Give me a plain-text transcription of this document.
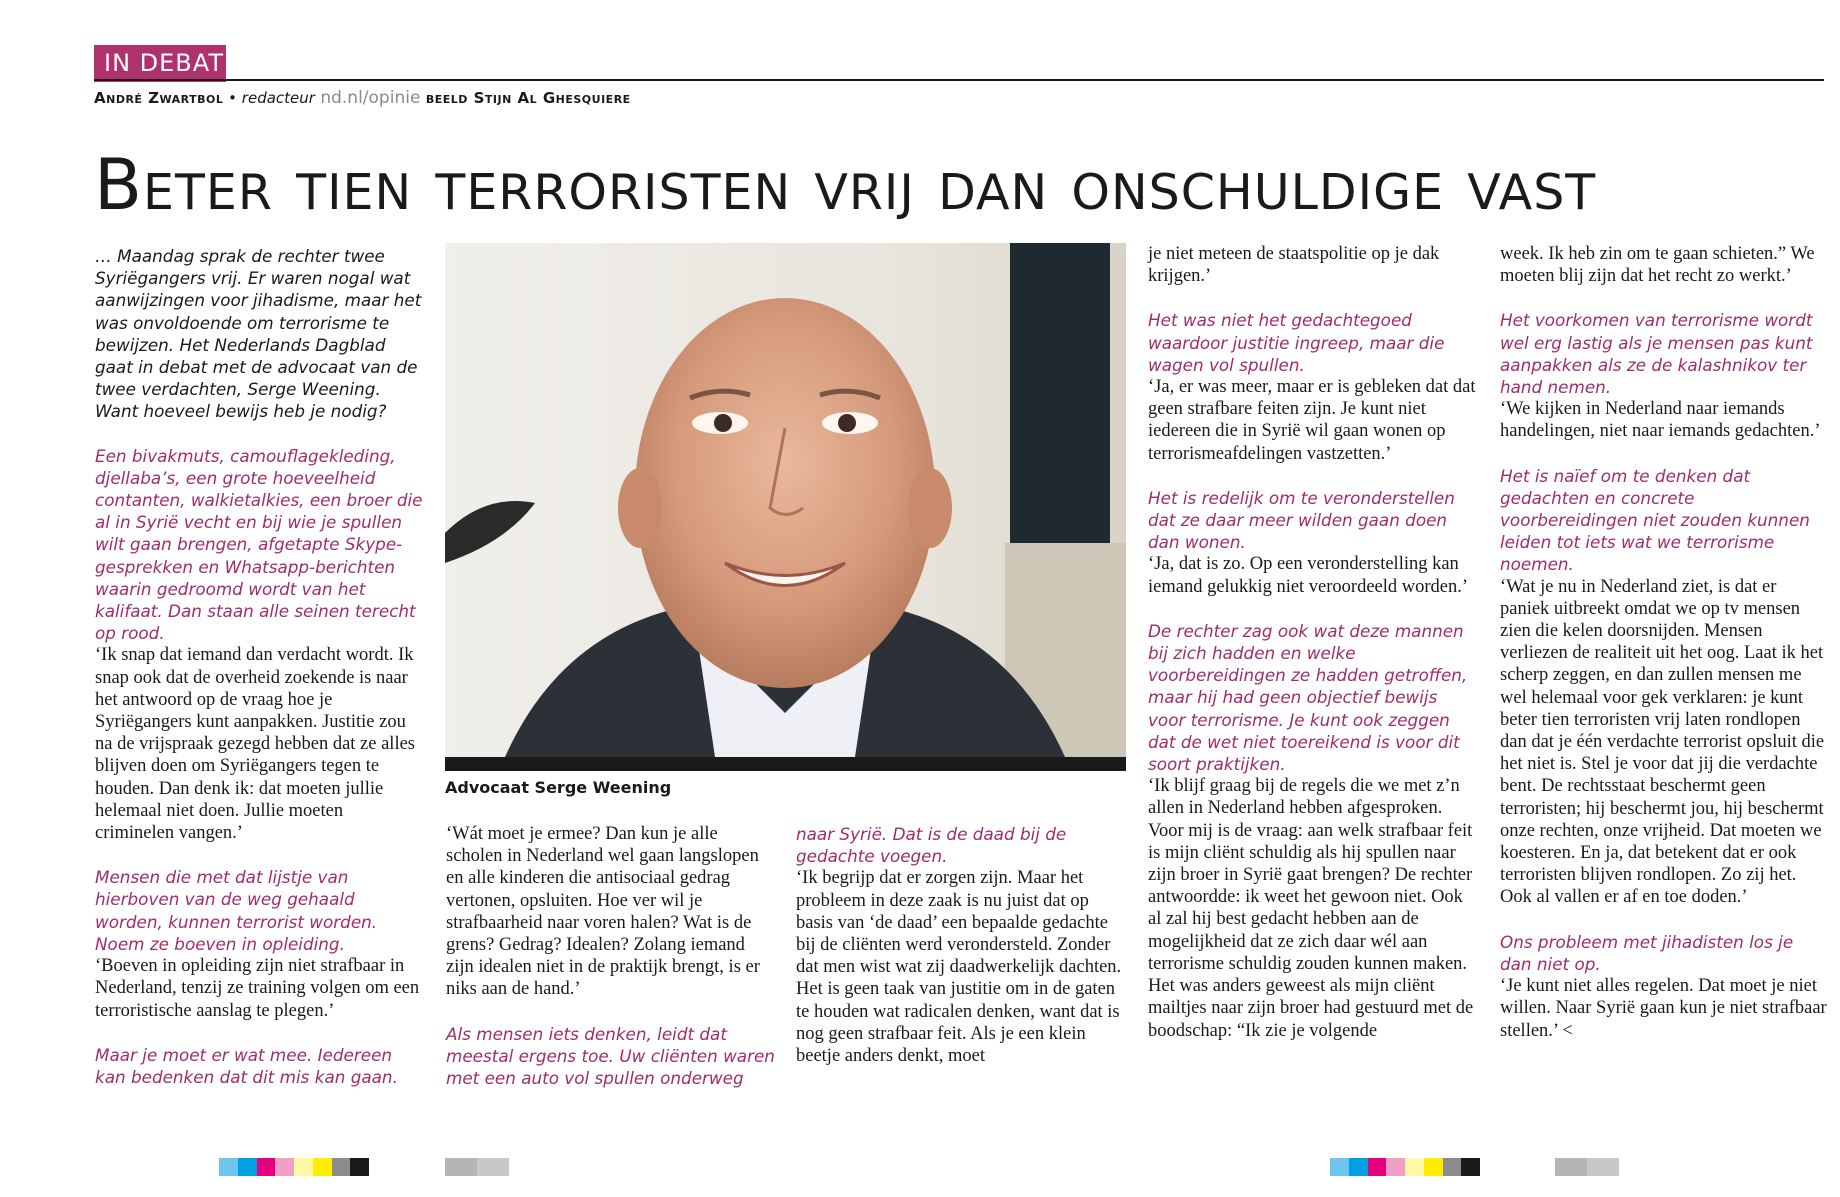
IN DEBAT
André Zwartbol • redacteur nd.nl/opinie beeld Stijn Al Ghesquiere
Beter tien terroristen vrij dan onschuldige vast

… Maandag sprak de rechter twee Syriëgangers vrij. Er waren nogal wat aanwijzingen voor jihadisme, maar het was onvoldoende om terrorisme te bewijzen. Het Nederlands Dagblad gaat in debat met de advocaat van de twee verdachten, Serge Weening. Want hoeveel bewijs heb je nodig?

Een bivakmuts, camouflagekleding, djellaba’s, een grote hoeveelheid contanten, walkietalkies, een broer die al in Syrië vecht en bij wie je spullen wilt gaan brengen, afgetapte Skype-gesprekken en Whatsapp-berichten waarin gedroomd wordt van het kalifaat. Dan staan alle seinen terecht op rood.

‘Ik snap dat iemand dan verdacht wordt. Ik snap ook dat de overheid zoekende is naar het antwoord op de vraag hoe je Syriëgangers kunt aanpakken. Justitie zou na de vrijspraak gezegd hebben dat ze alles blijven doen om Syriëgangers tegen te houden. Dan denk ik: dat moeten jullie helemaal niet doen. Jullie moeten criminelen vangen.’

Mensen die met dat lijstje van hierboven van de weg gehaald worden, kunnen terrorist worden. Noem ze boeven in opleiding.

‘Boeven in opleiding zijn niet strafbaar in Nederland, tenzij ze training volgen om een terroristische aanslag te plegen.’

Maar je moet er wat mee. Iedereen kan bedenken dat dit mis kan gaan.

Advocaat Serge Weening

‘Wát moet je ermee? Dan kun je alle scholen in Nederland wel gaan langslopen en alle kinderen die antisociaal gedrag vertonen, opsluiten. Hoe ver wil je strafbaarheid naar voren halen? Wat is de grens? Gedrag? Idealen? Zolang iemand zijn idealen niet in de praktijk brengt, is er niks aan de hand.’

Als mensen iets denken, leidt dat meestal ergens toe. Uw cliënten waren met een auto vol spullen onderweg

naar Syrië. Dat is de daad bij de gedachte voegen.

‘Ik begrijp dat er zorgen zijn. Maar het probleem in deze zaak is nu juist dat op basis van ‘de daad’ een bepaalde gedachte bij de cliënten werd verondersteld. Zonder dat men wist wat zij daadwerkelijk dachten.

Het is geen taak van justitie om in de gaten te houden wat radicalen denken, want dat is nog geen strafbaar feit. Als je een klein beetje anders denkt, moet

je niet meteen de staatspolitie op je dak krijgen.’

Het was niet het gedachtegoed waardoor justitie ingreep, maar die wagen vol spullen.

‘Ja, er was meer, maar er is gebleken dat dat geen strafbare feiten zijn. Je kunt niet iedereen die in Syrië wil gaan wonen op terrorismeafdelingen vastzetten.’

Het is redelijk om te veronderstellen dat ze daar meer wilden gaan doen dan wonen.

‘Ja, dat is zo. Op een veronderstelling kan iemand gelukkig niet veroordeeld worden.’

De rechter zag ook wat deze mannen bij zich hadden en welke voorbereidingen ze hadden getroffen, maar hij had geen objectief bewijs voor terrorisme. Je kunt ook zeggen dat de wet niet toereikend is voor dit soort praktijken.

‘Ik blijf graag bij de regels die we met z’n allen in Nederland hebben afgesproken. Voor mij is de vraag: aan welk strafbaar feit is mijn cliënt schuldig als hij spullen naar zijn broer in Syrië gaat brengen? De rechter antwoordde: ik weet het gewoon niet. Ook al zal hij best gedacht hebben aan de mogelijkheid dat ze zich daar wél aan terrorisme schuldig zouden kunnen maken. Het was anders geweest als mijn cliënt mailtjes naar zijn broer had gestuurd met de boodschap: “Ik zie je volgende

week. Ik heb zin om te gaan schieten.” We moeten blij zijn dat het recht zo werkt.’

Het voorkomen van terrorisme wordt wel erg lastig als je mensen pas kunt aanpakken als ze de kalashnikov ter hand nemen.

‘We kijken in Nederland naar iemands handelingen, niet naar iemands gedachten.’

Het is naïef om te denken dat gedachten en concrete voorbereidingen niet zouden kunnen leiden tot iets wat we terrorisme noemen.

‘Wat je nu in Nederland ziet, is dat er paniek uitbreekt omdat we op tv mensen zien die kelen doorsnijden. Mensen verliezen de realiteit uit het oog. Laat ik het scherp zeggen, en dan zullen mensen me wel helemaal voor gek verklaren: je kunt beter tien terroristen vrij laten rondlopen dan dat je één verdachte terrorist opsluit die het niet is. Stel je voor dat jij die verdachte bent. De rechtsstaat beschermt geen terroristen; hij beschermt jou, hij beschermt onze rechten, onze vrijheid. Dat moeten we koesteren. En ja, dat betekent dat er ook terroristen blijven rondlopen. Zo zij het. Ook al vallen er af en toe doden.’

Ons probleem met jihadisten los je dan niet op.

‘Je kunt niet alles regelen. Dat moet je niet willen. Naar Syrië gaan kun je niet strafbaar stellen.’ <
